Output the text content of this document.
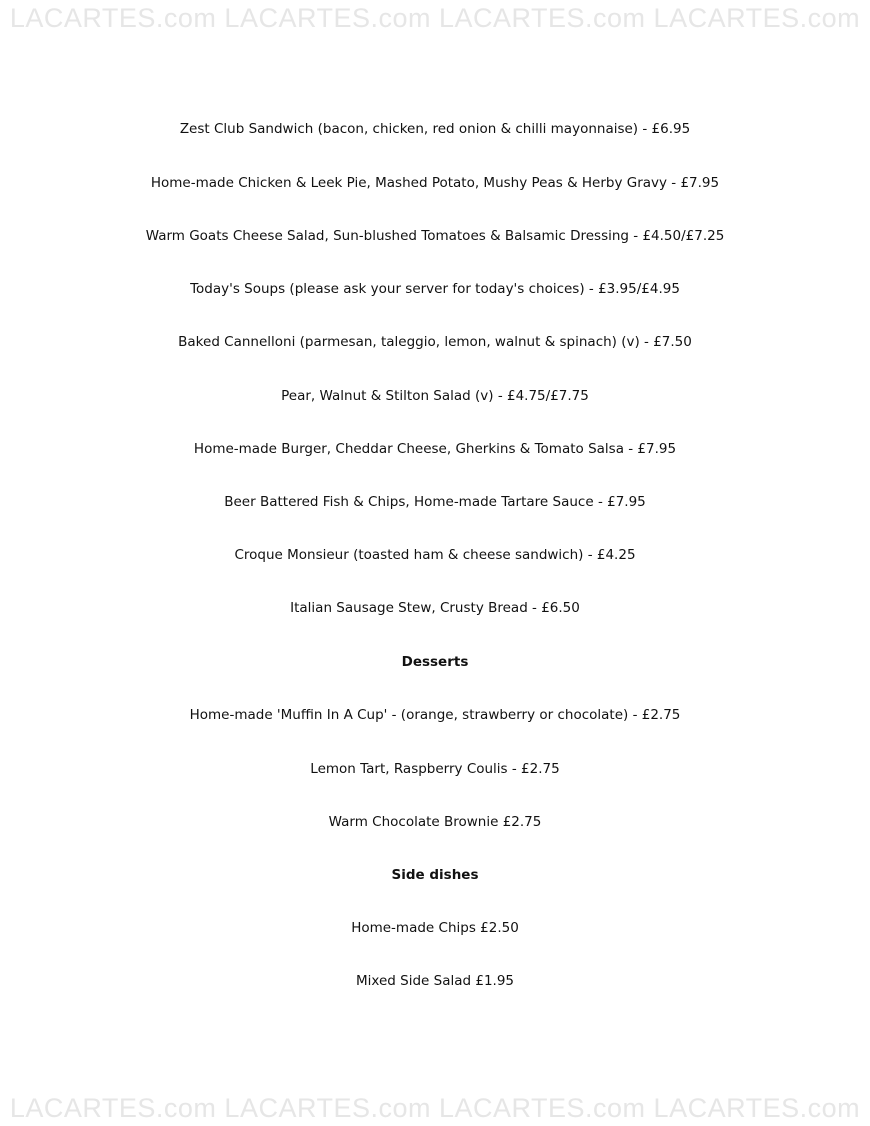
LACARTES.com LACARTES.com LACARTES.com LACARTES.com
Zest Club Sandwich (bacon, chicken, red onion & chilli mayonnaise) - £6.95
Home-made Chicken & Leek Pie, Mashed Potato, Mushy Peas & Herby Gravy - £7.95
Warm Goats Cheese Salad, Sun-blushed Tomatoes & Balsamic Dressing - £4.50/£7.25
Today's Soups (please ask your server for today's choices) - £3.95/£4.95
Baked Cannelloni (parmesan, taleggio, lemon, walnut & spinach) (v) - £7.50
Pear, Walnut & Stilton Salad (v) - £4.75/£7.75
Home-made Burger, Cheddar Cheese, Gherkins & Tomato Salsa - £7.95
Beer Battered Fish & Chips, Home-made Tartare Sauce - £7.95
Croque Monsieur (toasted ham & cheese sandwich) - £4.25
Italian Sausage Stew, Crusty Bread - £6.50
Desserts
Home-made 'Muffin In A Cup' - (orange, strawberry or chocolate) - £2.75
Lemon Tart, Raspberry Coulis - £2.75
Warm Chocolate Brownie £2.75
Side dishes
Home-made Chips £2.50
Mixed Side Salad £1.95
LACARTES.com LACARTES.com LACARTES.com LACARTES.com
